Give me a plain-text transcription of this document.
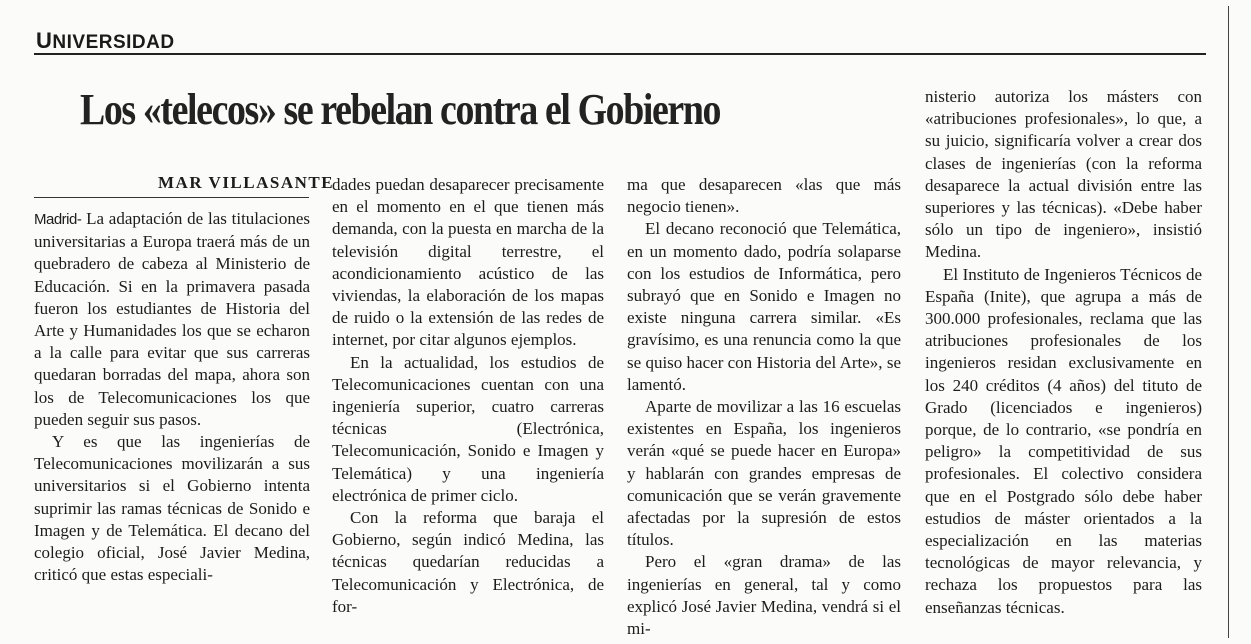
UNIVERSIDAD
Los «telecos» se rebelan contra el Gobierno
MAR VILLASANTE

Madrid- La adaptación de las titulaciones universitarias a Europa traerá más de un quebradero de cabeza al Ministerio de Educación. Si en la primavera pasada fueron los estudiantes de Historia del Arte y Humanidades los que se echaron a la calle para evitar que sus carreras quedaran borradas del mapa, ahora son los de Telecomunicaciones los que pueden seguir sus pasos.

Y es que las ingenierías de Telecomunicaciones movilizarán a sus universitarios si el Gobierno intenta suprimir las ramas técnicas de Sonido e Imagen y de Telemática. El decano del colegio oficial, José Javier Medina, criticó que estas especiali-

dades puedan desaparecer precisamente en el momento en el que tienen más demanda, con la puesta en marcha de la televisión digital terrestre, el acondicionamiento acústico de las viviendas, la elaboración de los mapas de ruido o la extensión de las redes de internet, por citar algunos ejemplos.

En la actualidad, los estudios de Telecomunicaciones cuentan con una ingeniería superior, cuatro carreras técnicas (Electrónica, Telecomunicación, Sonido e Imagen y Telemática) y una ingeniería electrónica de primer ciclo.

Con la reforma que baraja el Gobierno, según indicó Medina, las técnicas quedarían reducidas a Telecomunicación y Electrónica, de for-

ma que desaparecen «las que más negocio tienen».

El decano reconoció que Telemática, en un momento dado, podría solaparse con los estudios de Informática, pero subrayó que en Sonido e Imagen no existe ninguna carrera similar. «Es gravísimo, es una renuncia como la que se quiso hacer con Historia del Arte», se lamentó.

Aparte de movilizar a las 16 escuelas existentes en España, los ingenieros verán «qué se puede hacer en Europa» y hablarán con grandes empresas de comunicación que se verán gravemente afectadas por la supresión de estos títulos.

Pero el «gran drama» de las ingenierías en general, tal y como explicó José Javier Medina, vendrá si el mi-

nisterio autoriza los másters con «atribuciones profesionales», lo que, a su juicio, significaría volver a crear dos clases de ingenierías (con la reforma desaparece la actual división entre las superiores y las técnicas). «Debe haber sólo un tipo de ingeniero», insistió Medina.

El Instituto de Ingenieros Técnicos de España (Inite), que agrupa a más de 300.000 profesionales, reclama que las atribuciones profesionales de los ingenieros residan exclusivamente en los 240 créditos (4 años) del tituto de Grado (licenciados e ingenieros) porque, de lo contrario, «se pondría en peligro» la competitividad de sus profesionales. El colectivo considera que en el Postgrado sólo debe haber estudios de máster orientados a la especialización en las materias tecnológicas de mayor relevancia, y rechaza los propuestos para las enseñanzas técnicas.
